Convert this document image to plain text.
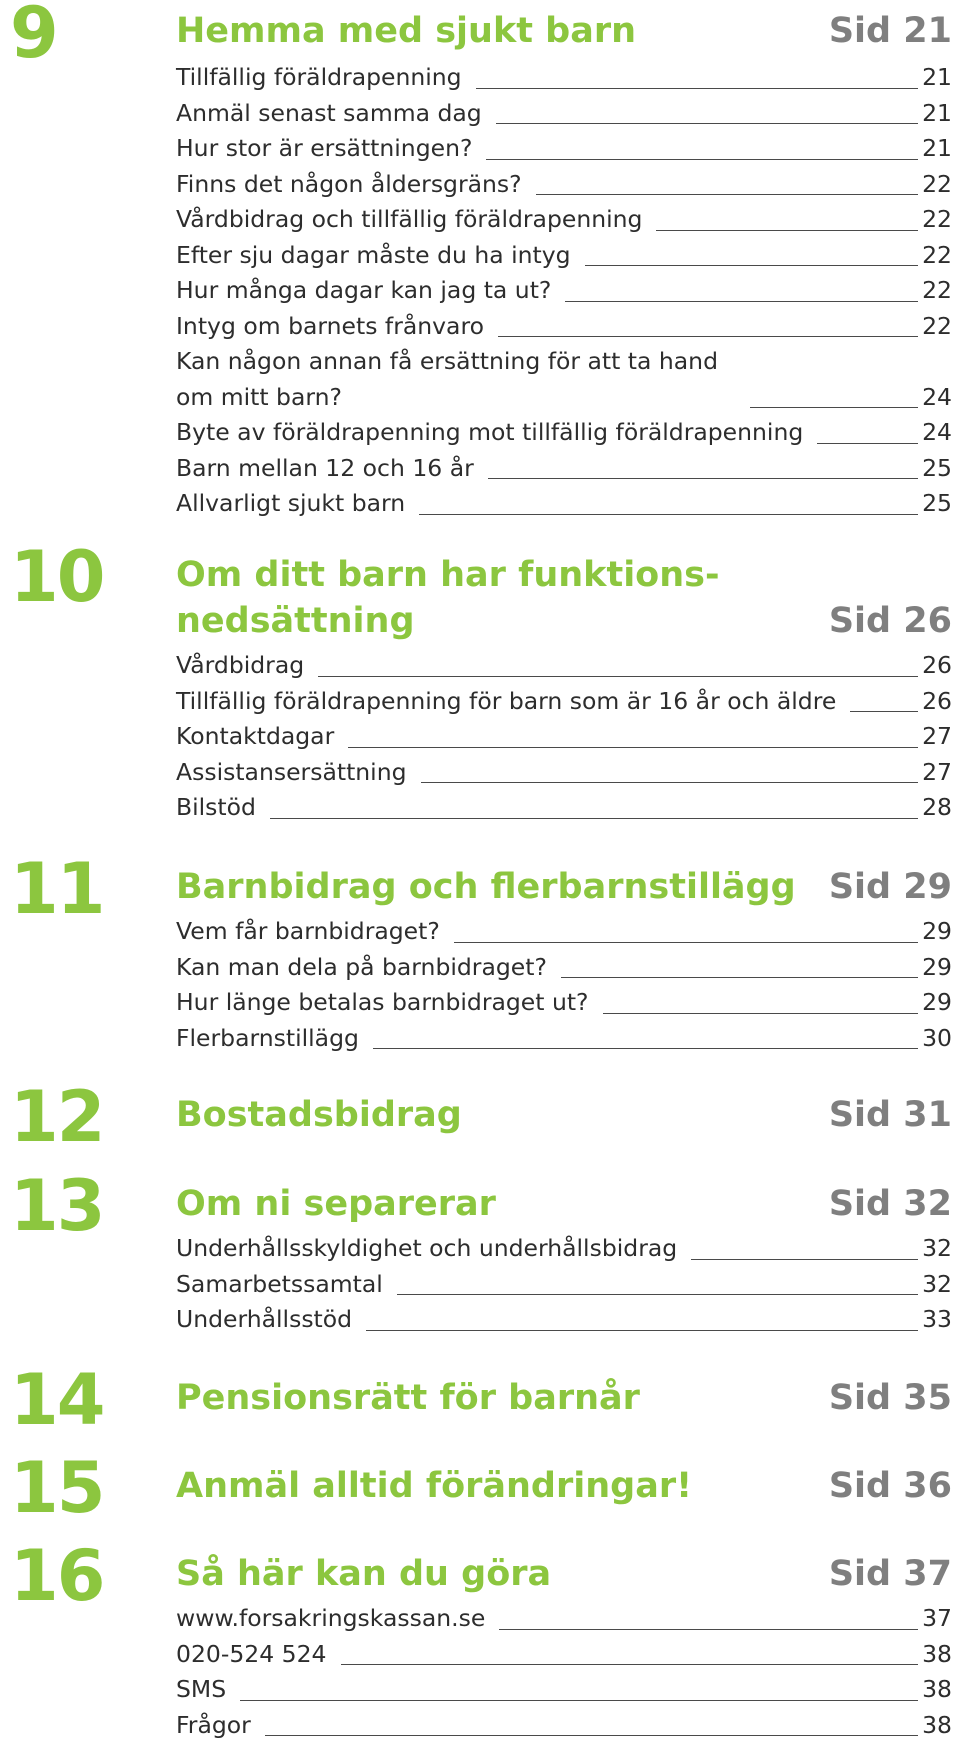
9	Hemma med sjukt barn	Sid 21
Tillfällig föräldrapenning	21
Anmäl senast samma dag	21
Hur stor är ersättningen?	21
Finns det någon åldersgräns?	22
Vårdbidrag och tillfällig föräldrapenning	22
Efter sju dagar måste du ha intyg	22
Hur många dagar kan jag ta ut?	22
Intyg om barnets frånvaro	22
Kan någon annan få ersättning för att ta hand om mitt barn?	24
Byte av föräldrapenning mot tillfällig föräldrapenning	24
Barn mellan 12 och 16 år	25
Allvarligt sjukt barn	25
10 Om ditt barn har funktions-nedsättning	Sid 26
Vårdbidrag	26
Tillfällig föräldrapenning för barn som är 16 år och äldre	26
Kontaktdagar	27
Assistansersättning	27
Bilstöd	28
11 Barnbidrag och flerbarnstillägg Sid 29
Vem får barnbidraget?	29
Kan man dela på barnbidraget?	29
Hur länge betalas barnbidraget ut?	29
Flerbarnstillägg	30
12 Bostadsbidrag	Sid 31
13 Om ni separerar	Sid 32
Underhållsskyldighet och underhållsbidrag	32
Samarbetssamtal	32
Underhållsstöd	33
14 Pensionsrätt för barnår	Sid 35
15 Anmäl alltid förändringar!	Sid 36
16 Så här kan du göra	Sid 37
www.forsakringskassan.se	37
020-524 524	38
SMS	38
Frågor	38
